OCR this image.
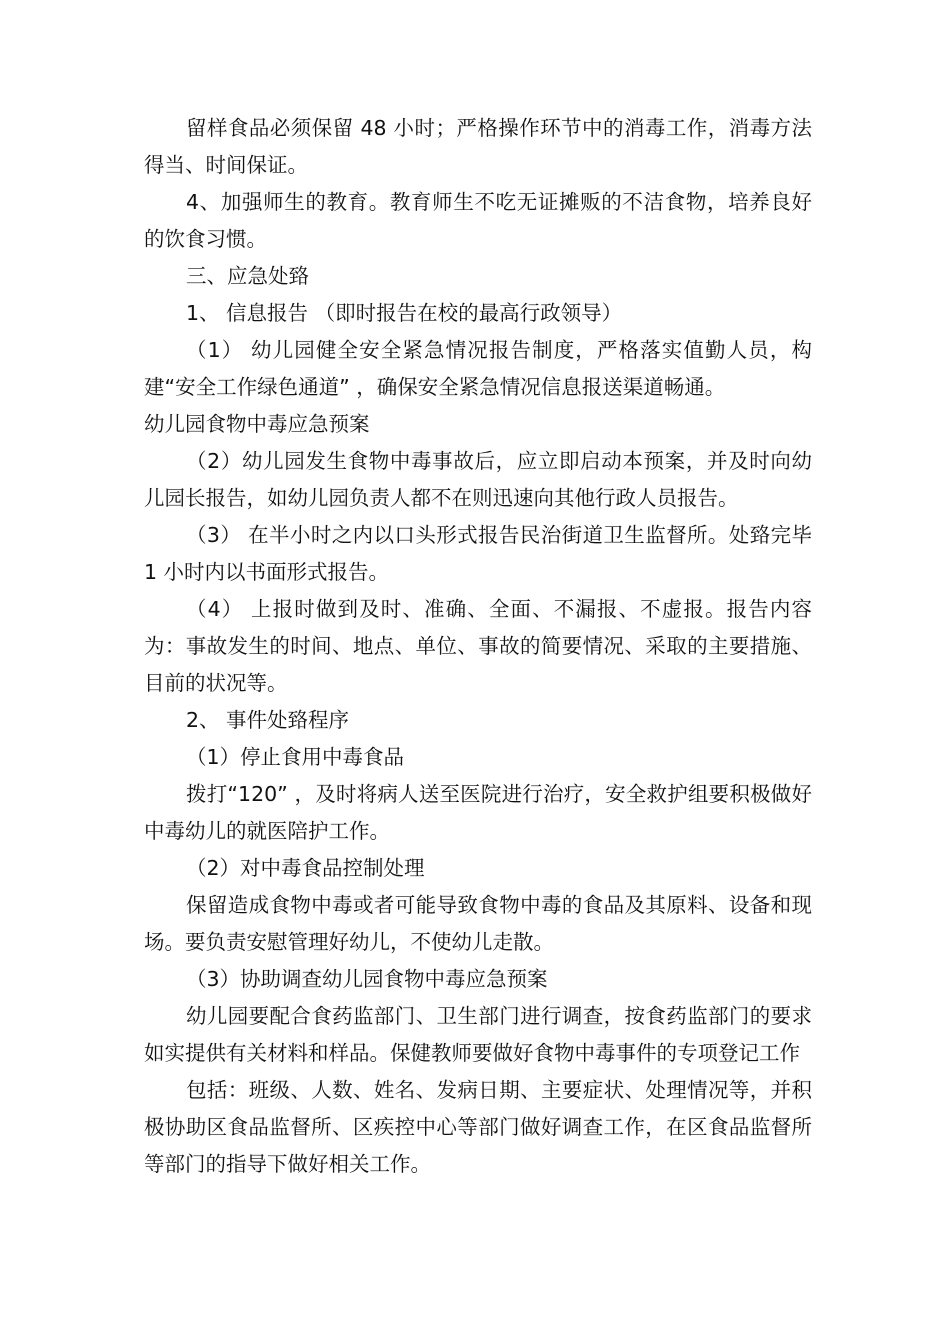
留样食品必须保留 48 小时；严格操作环节中的消毒工作，消毒方法得当、时间保证。

4、加强师生的教育。教育师生不吃无证摊贩的不洁食物，培养良好的饮食习惯。

三、应急处臵

1、 信息报告 （即时报告在校的最高行政领导）

（1） 幼儿园健全安全紧急情况报告制度，严格落实值勤人员，构建“安全工作绿色通道” ，确保安全紧急情况信息报送渠道畅通。

幼儿园食物中毒应急预案

（2）幼儿园发生食物中毒事故后，应立即启动本预案，并及时向幼儿园长报告，如幼儿园负责人都不在则迅速向其他行政人员报告。

（3） 在半小时之内以口头形式报告民治街道卫生监督所。处臵完毕 1 小时内以书面形式报告。

（4） 上报时做到及时、准确、全面、不漏报、不虚报。报告内容为：事故发生的时间、地点、单位、事故的简要情况、采取的主要措施、目前的状况等。

2、 事件处臵程序

（1）停止食用中毒食品

拨打“120” ，及时将病人送至医院进行治疗，安全救护组要积极做好中毒幼儿的就医陪护工作。

（2）对中毒食品控制处理

保留造成食物中毒或者可能导致食物中毒的食品及其原料、设备和现场。要负责安慰管理好幼儿，不使幼儿走散。

（3）协助调查幼儿园食物中毒应急预案

幼儿园要配合食药监部门、卫生部门进行调查，按食药监部门的要求如实提供有关材料和样品。保健教师要做好食物中毒事件的专项登记工作

包括：班级、人数、姓名、发病日期、主要症状、处理情况等，并积极协助区食品监督所、区疾控中心等部门做好调查工作，在区食品监督所等部门的指导下做好相关工作。
